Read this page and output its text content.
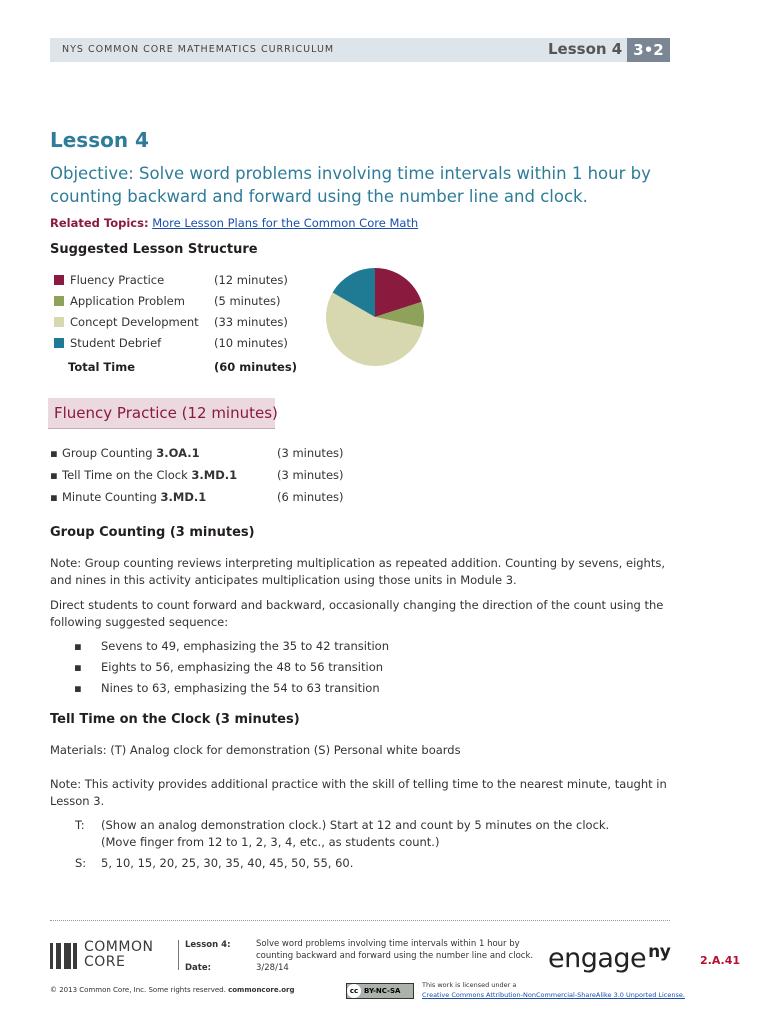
NYS COMMON CORE MATHEMATICS CURRICULUM	Lesson 4 3•2
Lesson 4
Objective: Solve word problems involving time intervals within 1 hour by counting backward and forward using the number line and clock.
Related Topics: More Lesson Plans for the Common Core Math
Suggested Lesson Structure
Fluency Practice	(12 minutes)
Application Problem	(5 minutes)
Concept Development (33 minutes)
Student Debrief	(10 minutes)
Total Time	(60 minutes)
Fluency Practice (12 minutes)
▪ Group Counting 3.OA.1	(3 minutes)
▪ Tell Time on the Clock 3.MD.1	(3 minutes)
▪ Minute Counting 3.MD.1	(6 minutes)
Group Counting (3 minutes)
Note: Group counting reviews interpreting multiplication as repeated addition. Counting by sevens, eights,
and nines in this activity anticipates multiplication using those units in Module 3.
Direct students to count forward and backward, occasionally changing the direction of the count using the
following suggested sequence:
▪ Sevens to 49, emphasizing the 35 to 42 transition
▪ Eights to 56, emphasizing the 48 to 56 transition
▪ Nines to 63, emphasizing the 54 to 63 transition
Tell Time on the Clock (3 minutes)
Materials: (T) Analog clock for demonstration (S) Personal white boards
Note: This activity provides additional practice with the skill of telling time to the nearest minute, taught in
Lesson 3.
T: (Show an analog demonstration clock.) Start at 12 and count by 5 minutes on the clock.
(Move finger from 12 to 1, 2, 3, 4, etc., as students count.)
S: 5, 10, 15, 20, 25, 30, 35, 40, 45, 50, 55, 60.
COMMON
CORE
Lesson 4:
Date:
Solve word problems involving time intervals within 1 hour by
counting backward and forward using the number line and clock.
3/28/14	engage $^{ny}$	2.A.41
© 2013 Common Core, Inc. Some rights reserved. commoncore.org	cc BY-NC-SA
This work is licensed under a
Creative Commons Attribution-NonCommercial-ShareAlike 3.0 Unported License.
